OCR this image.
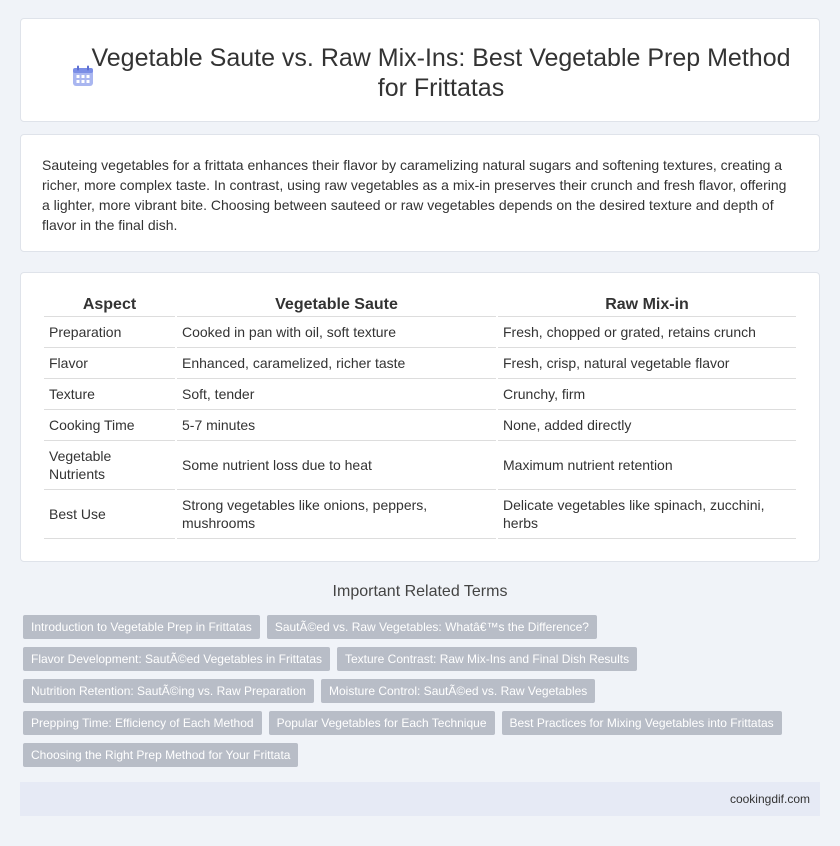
Vegetable Saute vs. Raw Mix-Ins: Best Vegetable Prep Method for Frittatas

Sauteing vegetables for a frittata enhances their flavor by caramelizing natural sugars and softening textures, creating a richer, more complex taste. In contrast, using raw vegetables as a mix-in preserves their crunch and fresh flavor, offering a lighter, more vibrant bite. Choosing between sauteed or raw vegetables depends on the desired texture and depth of flavor in the final dish.

Aspect	Vegetable Saute	Raw Mix-in
Preparation	Cooked in pan with oil, soft texture	Fresh, chopped or grated, retains crunch
Flavor	Enhanced, caramelized, richer taste	Fresh, crisp, natural vegetable flavor
Texture	Soft, tender	Crunchy, firm
Cooking Time	5-7 minutes	None, added directly
Vegetable Nutrients	Some nutrient loss due to heat	Maximum nutrient retention
Best Use	Strong vegetables like onions, peppers, mushrooms	Delicate vegetables like spinach, zucchini, herbs
Important Related Terms
Introduction to Vegetable Prep in Frittatas	SautÃ©ed vs. Raw Vegetables: Whatâ€™s the Difference?
Flavor Development: SautÃ©ed Vegetables in Frittatas	Texture Contrast: Raw Mix-Ins and Final Dish Results
Nutrition Retention: SautÃ©ing vs. Raw Preparation	Moisture Control: SautÃ©ed vs. Raw Vegetables
Prepping Time: Efficiency of Each Method	Popular Vegetables for Each Technique	Best Practices for Mixing Vegetables into Frittatas
Choosing the Right Prep Method for Your Frittata
cookingdif.com
